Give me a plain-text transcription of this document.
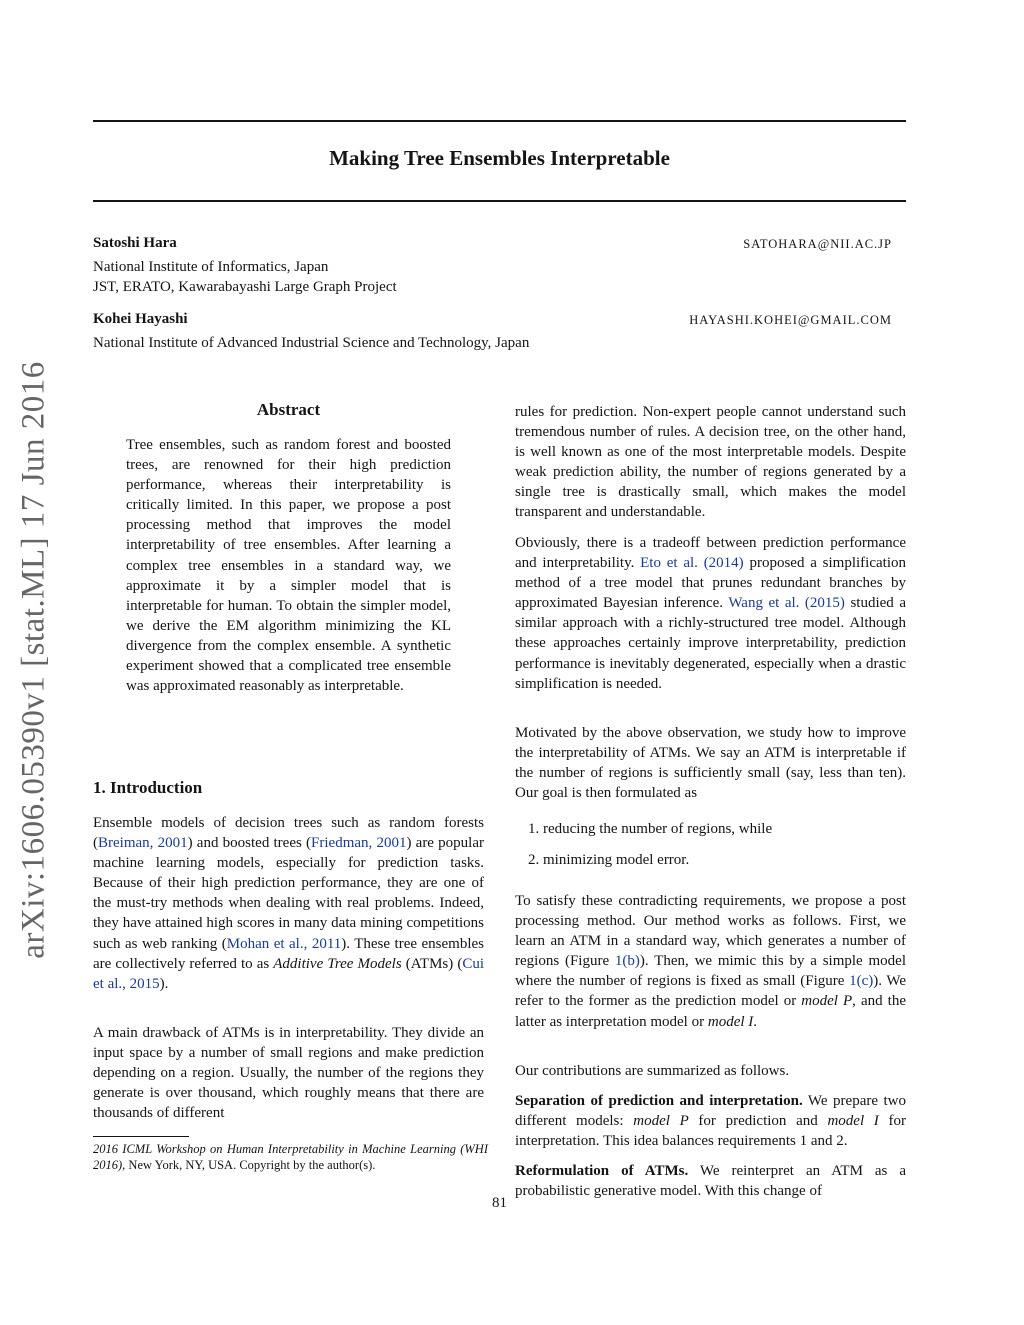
Making Tree Ensembles Interpretable
arXiv:1606.05390v1 [stat.ML] 17 Jun 2016
Satoshi Hara	SATOHARA@NII.AC.JP
National Institute of Informatics, Japan
JST, ERATO, Kawarabayashi Large Graph Project
Kohei Hayashi	HAYASHI.KOHEI@GMAIL.COM
National Institute of Advanced Industrial Science and Technology, Japan
Abstract
Tree ensembles, such as random forest and boosted trees, are renowned for their high prediction performance, whereas their interpretability is critically limited. In this paper, we propose a post processing method that improves the model interpretability of tree ensembles. After learning a complex tree ensembles in a standard way, we approximate it by a simpler model that is interpretable for human. To obtain the simpler model, we derive the EM algorithm minimizing the KL divergence from the complex ensemble. A synthetic experiment showed that a complicated tree ensemble was approximated reasonably as interpretable.
1. Introduction
Ensemble models of decision trees such as random forests (Breiman, 2001) and boosted trees (Friedman, 2001) are popular machine learning models, especially for prediction tasks. Because of their high prediction performance, they are one of the must-try methods when dealing with real problems. Indeed, they have attained high scores in many data mining competitions such as web ranking (Mohan et al., 2011). These tree ensembles are collectively referred to as Additive Tree Models (ATMs) (Cui et al., 2015).
A main drawback of ATMs is in interpretability. They divide an input space by a number of small regions and make prediction depending on a region. Usually, the number of the regions they generate is over thousand, which roughly means that there are thousands of different
2016 ICML Workshop on Human Interpretability in Machine Learning (WHI 2016), New York, NY, USA. Copyright by the author(s).
rules for prediction. Non-expert people cannot understand such tremendous number of rules. A decision tree, on the other hand, is well known as one of the most interpretable models. Despite weak prediction ability, the number of regions generated by a single tree is drastically small, which makes the model transparent and understandable.
Obviously, there is a tradeoff between prediction performance and interpretability. Eto et al. (2014) proposed a simplification method of a tree model that prunes redundant branches by approximated Bayesian inference. Wang et al. (2015) studied a similar approach with a richly-structured tree model. Although these approaches certainly improve interpretability, prediction performance is inevitably degenerated, especially when a drastic simplification is needed.
Motivated by the above observation, we study how to improve the interpretability of ATMs. We say an ATM is interpretable if the number of regions is sufficiently small (say, less than ten). Our goal is then formulated as
1. reducing the number of regions, while
2. minimizing model error.
To satisfy these contradicting requirements, we propose a post processing method. Our method works as follows. First, we learn an ATM in a standard way, which generates a number of regions (Figure 1(b)). Then, we mimic this by a simple model where the number of regions is fixed as small (Figure 1(c)). We refer to the former as the prediction model or model P, and the latter as interpretation model or model I.
Our contributions are summarized as follows.
Separation of prediction and interpretation. We prepare two different models: model P for prediction and model I for interpretation. This idea balances requirements 1 and 2.
Reformulation of ATMs. We reinterpret an ATM as a probabilistic generative model. With this change of
81
